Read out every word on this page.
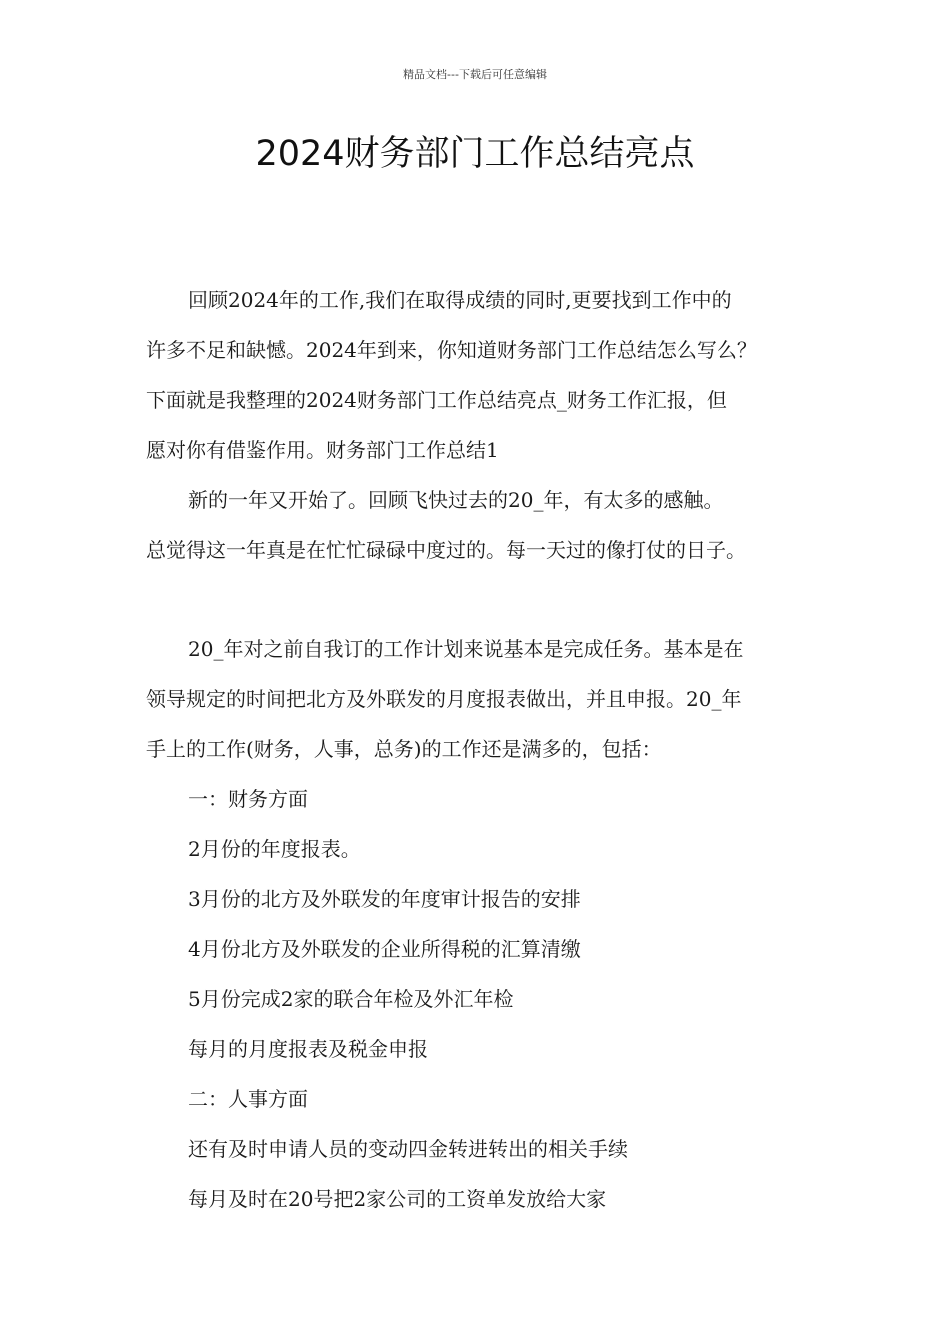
精品文档---下载后可任意编辑
2024财务部门工作总结亮点

回顾2024年的工作,我们在取得成绩的同时,更要找到工作中的

许多不足和缺憾。2024年到来，你知道财务部门工作总结怎么写么？

下面就是我整理的2024财务部门工作总结亮点_财务工作汇报，但

愿对你有借鉴作用。财务部门工作总结1

新的一年又开始了。回顾飞快过去的20_年，有太多的感触。

总觉得这一年真是在忙忙碌碌中度过的。每一天过的像打仗的日子。

20_年对之前自我订的工作计划来说基本是完成任务。基本是在

领导规定的时间把北方及外联发的月度报表做出，并且申报。20_年

手上的工作(财务，人事，总务)的工作还是满多的，包括：

一：财务方面

2月份的年度报表。

3月份的北方及外联发的年度审计报告的安排

4月份北方及外联发的企业所得税的汇算清缴

5月份完成2家的联合年检及外汇年检

每月的月度报表及税金申报

二：人事方面

还有及时申请人员的变动四金转进转出的相关手续

每月及时在20号把2家公司的工资单发放给大家
